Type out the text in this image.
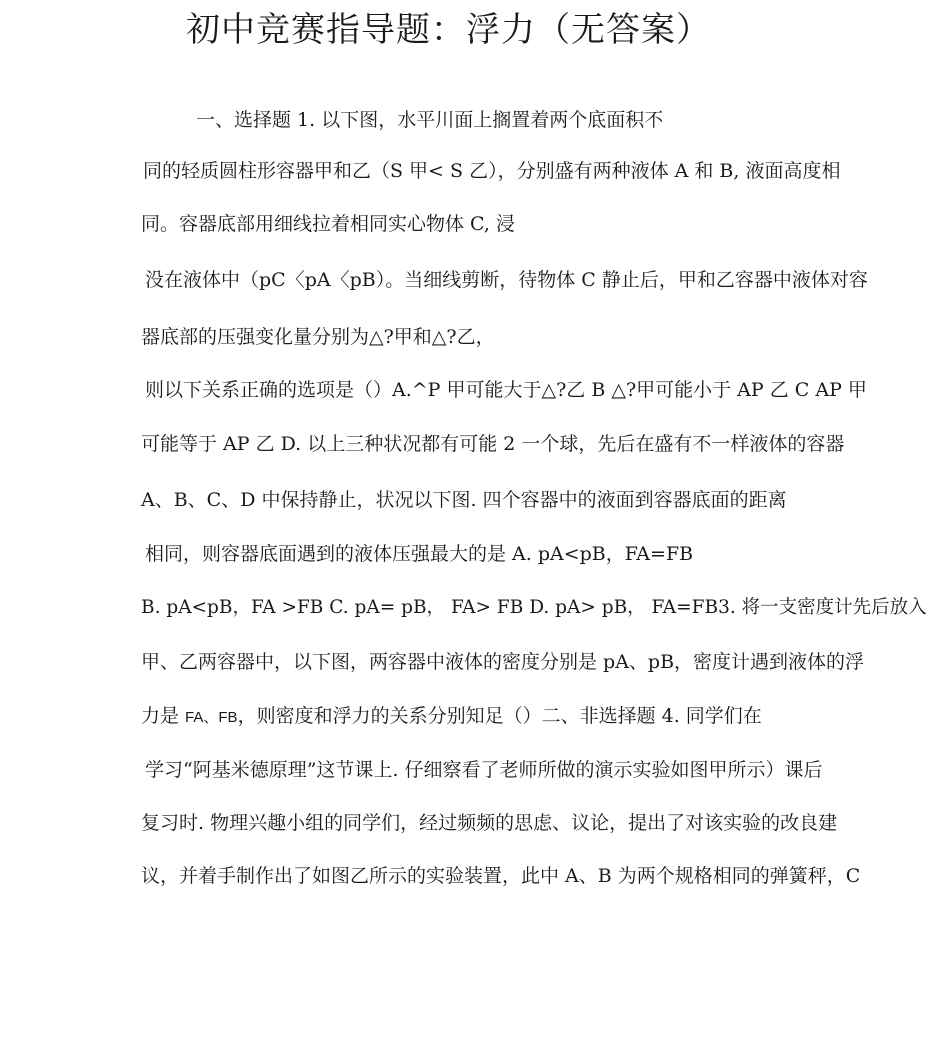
初中竞赛指导题：浮力（无答案）
一、选择题 1. 以下图，水平川面上搁置着两个底面积不
同的轻质圆柱形容器甲和乙（S 甲< S 乙），分别盛有两种液体 A 和 B, 液面高度相
同。容器底部用细线拉着相同实心物体 C, 浸
没在液体中（pC〈pA〈pB）。当细线剪断，待物体 C 静止后，甲和乙容器中液体对容
器底部的压强变化量分别为△?甲和△?乙，
则以下关系正确的选项是（）A.^P 甲可能大于△?乙 B △?甲可能小于 AP 乙 C AP 甲
可能等于 AP 乙 D. 以上三种状况都有可能 2 一个球，先后在盛有不一样液体的容器
A、B、C、D 中保持静止，状况以下图. 四个容器中的液面到容器底面的距离
相同，则容器底面遇到的液体压强最大的是 A. pA<pB，FA=FB
B. pA<pB，FA >FB C. pA= pB， FA> FB D. pA> pB， FA=FB3. 将一支密度计先后放入
甲、乙两容器中，以下图，两容器中液体的密度分别是 pA、pB，密度计遇到液体的浮
力是 FA、FB，则密度和浮力的关系分别知足（）二、非选择题 4. 同学们在
学习“阿基米德原理”这节课上. 仔细察看了老师所做的演示实验如图甲所示）课后
复习时. 物理兴趣小组的同学们，经过频频的思虑、议论，提出了对该实验的改良建
议，并着手制作出了如图乙所示的实验装置，此中 A、B 为两个规格相同的弹簧秤，C
